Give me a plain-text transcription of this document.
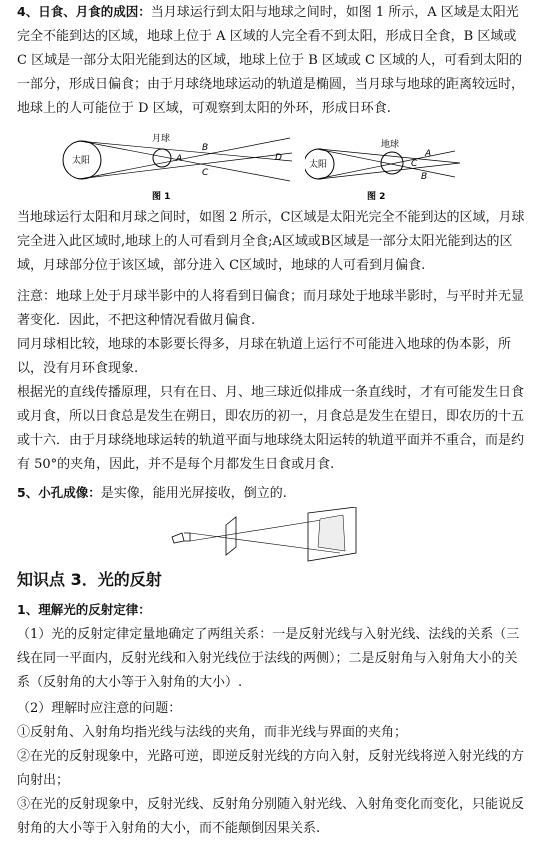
4、日食、月食的成因：当月球运行到太阳与地球之间时，如图 1 所示，A 区域是太阳光完全不能到达的区域，地球上位于 A 区域的人完全看不到太阳，形成日全食，B 区域或 C 区域是一部分太阳光能到达的区域，地球上位于 B 区域或 C 区域的人，可看到太阳的一部分，形成日偏食；由于月球绕地球运动的轨道是椭圆，当月球与地球的距离较远时，地球上的人可能位于 D 区域，可观察到太阳的外环，形成日环食.

太阳
月球
A
B
C
D
图 1
太阳
地球
A
C
B
图 2

当地球运行太阳和月球之间时，如图 2 所示，C区域是太阳光完全不能到达的区域，月球完全进入此区域时,地球上的人可看到月全食;A区域或B区域是一部分太阳光能到达的区域，月球部分位于该区域，部分进入 C区域时，地球的人可看到月偏食.

注意：地球上处于月球半影中的人将看到日偏食；而月球处于地球半影时，与平时并无显著变化．因此，不把这种情况看做月偏食.

同月球相比较，地球的本影要长得多，月球在轨道上运行不可能进入地球的伪本影，所以，没有月环食现象.

根据光的直线传播原理，只有在日、月、地三球近似排成一条直线时，才有可能发生日食或月食，所以日食总是发生在朔日，即农历的初一，月食总是发生在望日，即农历的十五或十六．由于月球绕地球运转的轨道平面与地球绕太阳运转的轨道平面并不重合，而是约有 50°的夹角，因此，并不是每个月都发生日食或月食.

5、小孔成像：是实像，能用光屏接收，倒立的.

知识点 3．光的反射

1、理解光的反射定律：

（1）光的反射定律定量地确定了两组关系：一是反射光线与入射光线、法线的关系（三线在同一平面内，反射光线和入射光线位于法线的两侧）；二是反射角与入射角大小的关系（反射角的大小等于入射角的大小）.

（2）理解时应注意的问题：

①反射角、入射角均指光线与法线的夹角，而非光线与界面的夹角；

②在光的反射现象中，光路可逆，即逆反射光线的方向入射，反射光线将逆入射光线的方向射出；

③在光的反射现象中，反射光线、反射角分别随入射光线、入射角变化而变化，只能说反射角的大小等于入射角的大小，而不能颠倒因果关系.
